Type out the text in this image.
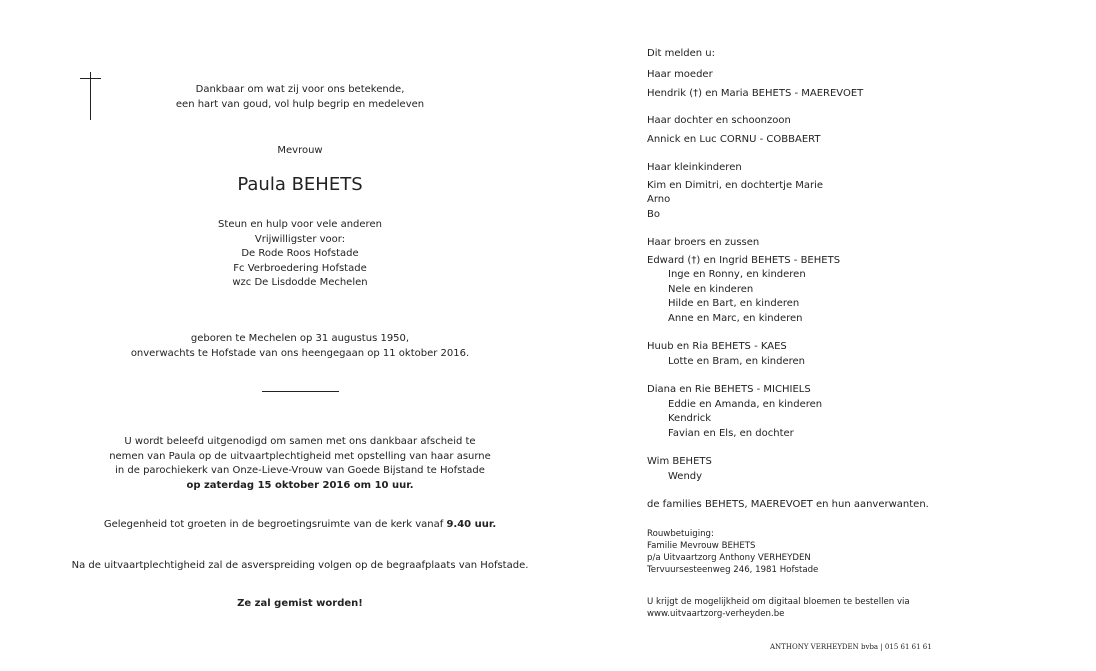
Dankbaar om wat zij voor ons betekende,

een hart van goud, vol hulp begrip en medeleven

Mevrouw
Paula BEHETS

Steun en hulp voor vele anderen

Vrijwilligster voor:

De Rode Roos Hofstade

Fc Verbroedering Hofstade

wzc De Lisdodde Mechelen

geboren te Mechelen op 31 augustus 1950,

onverwachts te Hofstade van ons heengegaan op 11 oktober 2016.

U wordt beleefd uitgenodigd om samen met ons dankbaar afscheid te

nemen van Paula op de uitvaartplechtigheid met opstelling van haar asurne

in de parochiekerk van Onze-Lieve-Vrouw van Goede Bijstand te Hofstade

op zaterdag 15 oktober 2016 om 10 uur.

Gelegenheid tot groeten in de begroetingsruimte van de kerk vanaf 9.40 uur.

Na de uitvaartplechtigheid zal de asverspreiding volgen op de begraafplaats van Hofstade.
Ze zal gemist worden!
Dit melden u:

Haar moeder

Hendrik (†) en Maria BEHETS - MAEREVOET

Haar dochter en schoonzoon

Annick en Luc CORNU - COBBAERT

Haar kleinkinderen

Kim en Dimitri, en dochtertje Marie

Arno

Bo

Haar broers en zussen

Edward (†) en Ingrid BEHETS - BEHETS

Inge en Ronny, en kinderen

Nele en kinderen

Hilde en Bart, en kinderen

Anne en Marc, en kinderen

Huub en Ria BEHETS - KAES

Lotte en Bram, en kinderen

Diana en Rie BEHETS - MICHIELS

Eddie en Amanda, en kinderen

Kendrick

Favian en Els, en dochter

Wim BEHETS

Wendy

de families BEHETS, MAEREVOET en hun aanverwanten.

Rouwbetuiging:

Familie Mevrouw BEHETS

p/a Uitvaartzorg Anthony VERHEYDEN

Tervuursesteenweg 246, 1981 Hofstade

U krijgt de mogelijkheid om digitaal bloemen te bestellen via

www.uitvaartzorg-verheyden.be

ANTHONY VERHEYDEN bvba | 015 61 61 61
